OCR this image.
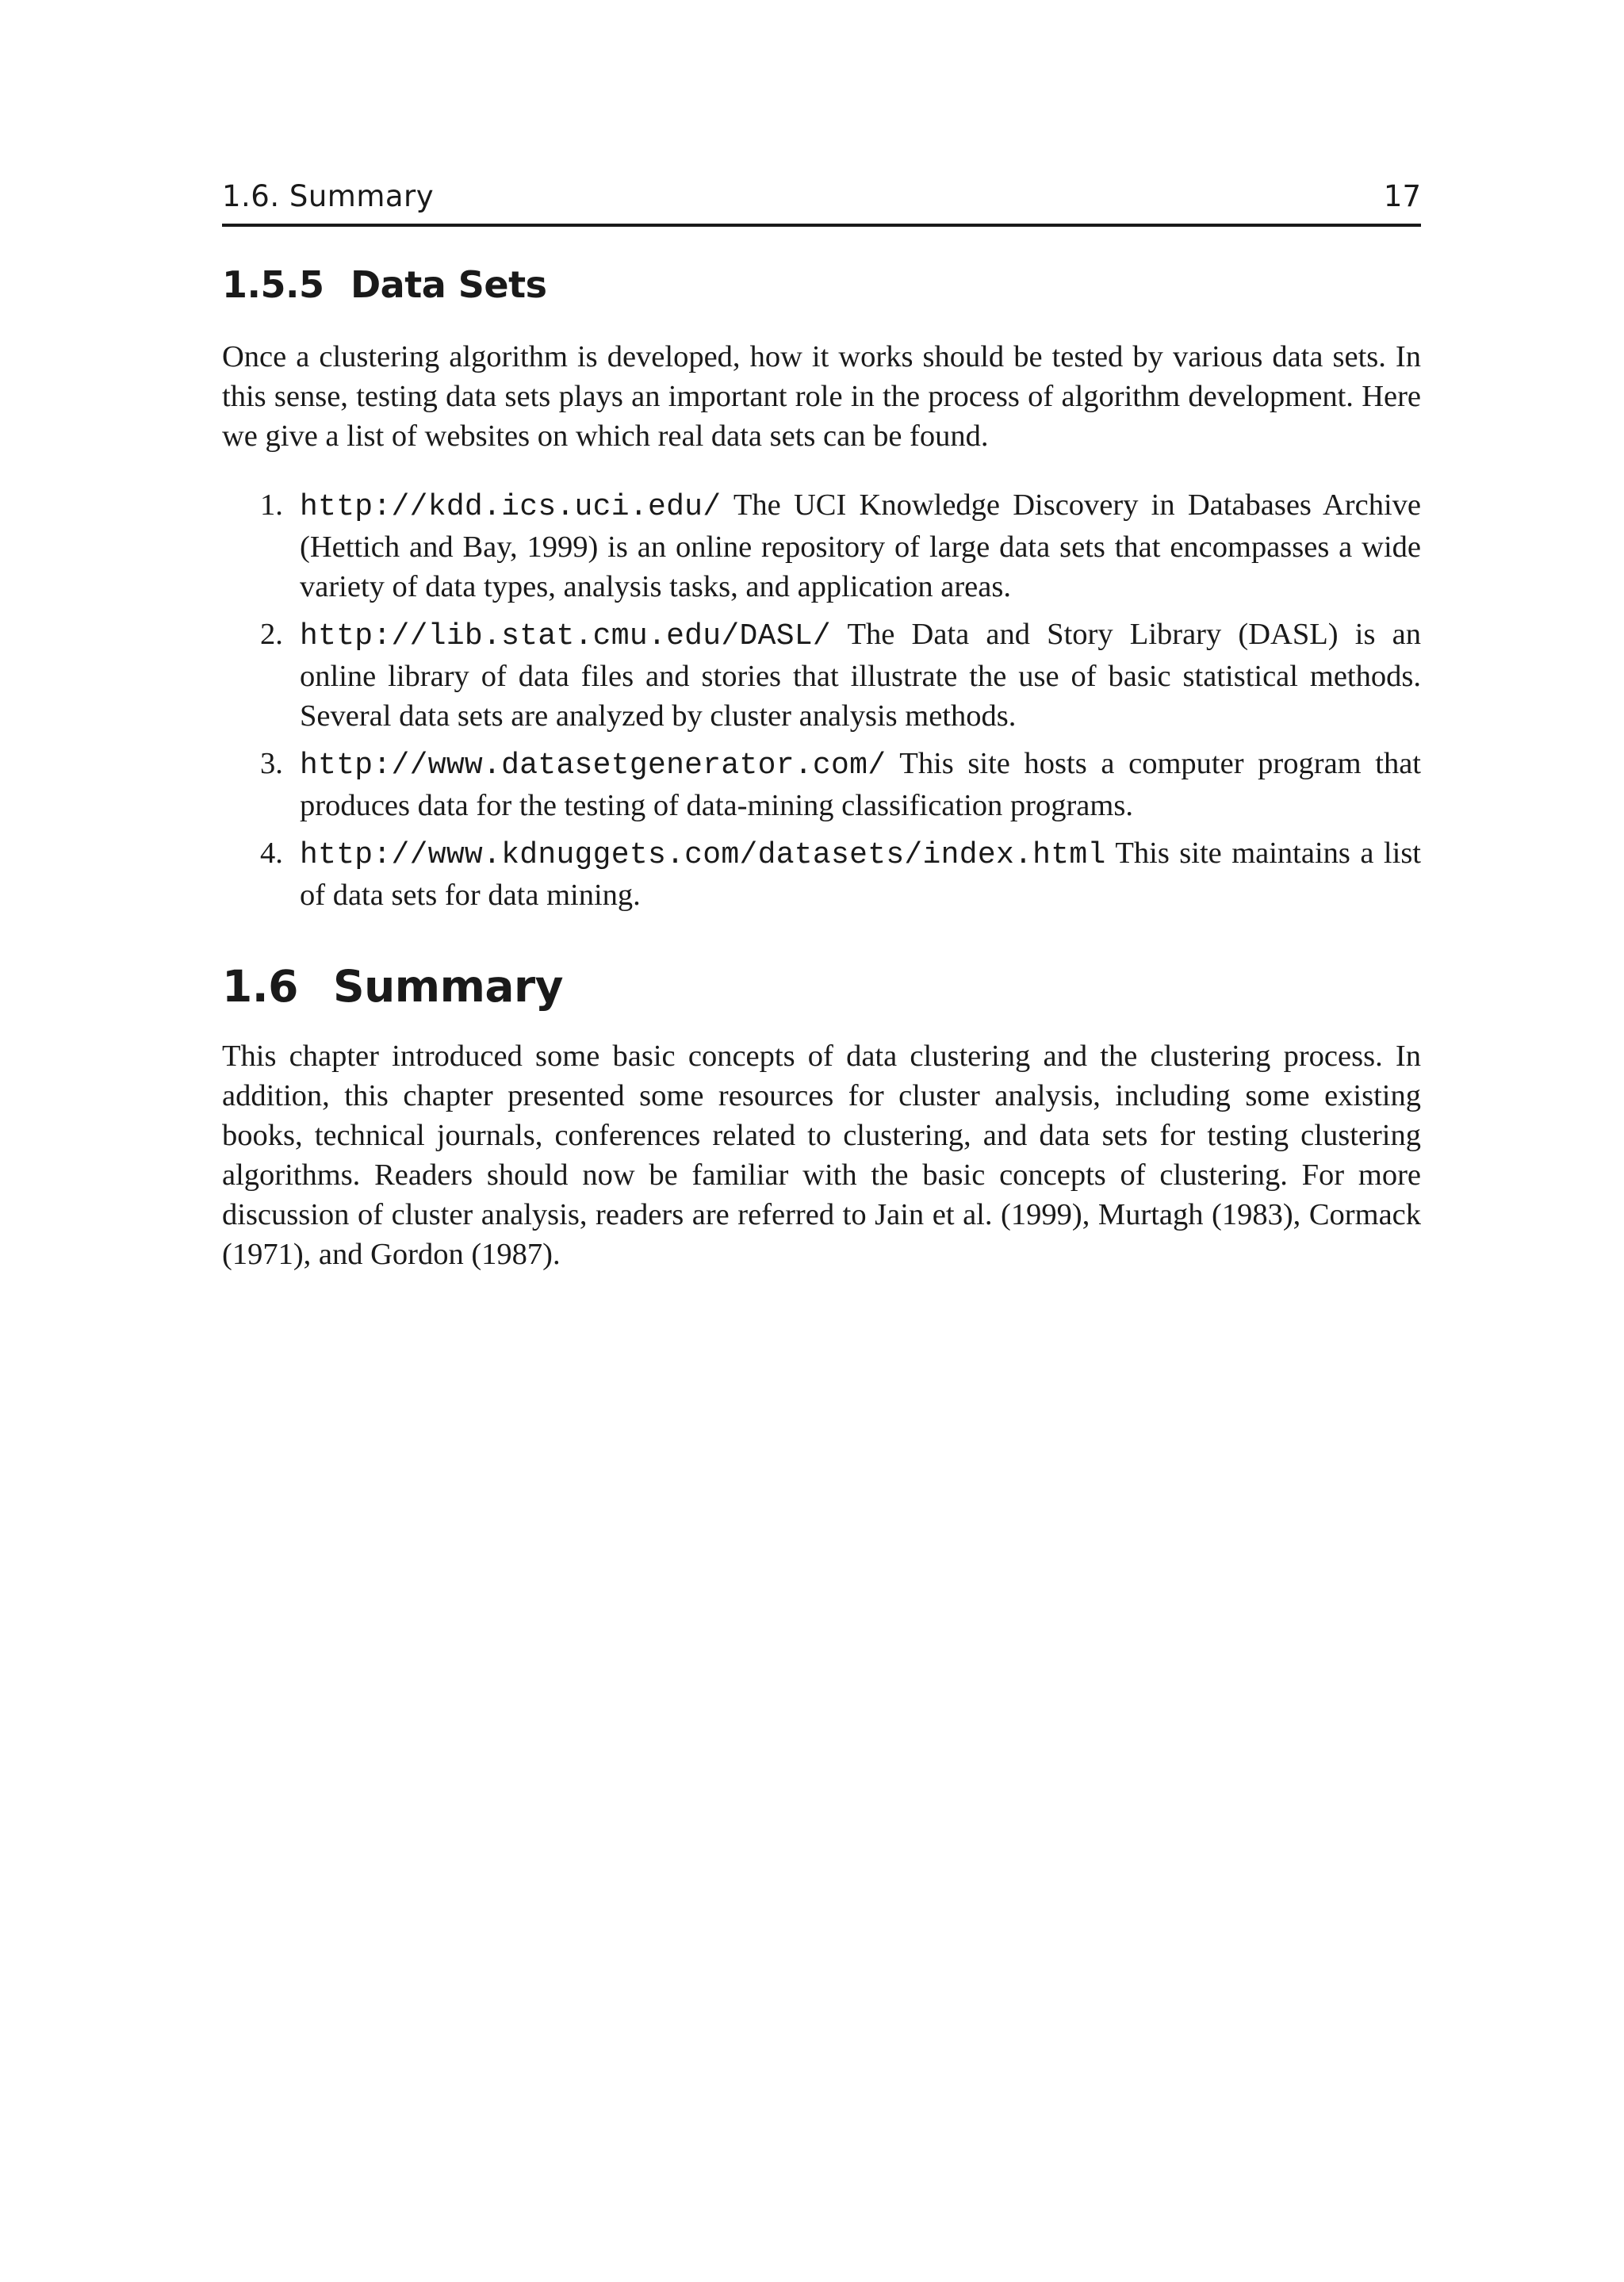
1.6. Summary	17
1.5.5 Data Sets

Once a clustering algorithm is developed, how it works should be tested by various data sets. In this sense, testing data sets plays an important role in the process of algorithm development. Here we give a list of websites on which real data sets can be found.

1. http://kdd.ics.uci.edu/ The UCI Knowledge Discovery in Databases Archive (Hettich and Bay, 1999) is an online repository of large data sets that encompasses a wide variety of data types, analysis tasks, and application areas.
2. http://lib.stat.cmu.edu/DASL/ The Data and Story Library (DASL) is an online library of data files and stories that illustrate the use of basic statistical methods. Several data sets are analyzed by cluster analysis methods.
3. http://www.datasetgenerator.com/ This site hosts a computer program that produces data for the testing of data-mining classification programs.
4. http://www.kdnuggets.com/datasets/index.html This site maintains a list of data sets for data mining.
1.6 Summary

This chapter introduced some basic concepts of data clustering and the clustering process. In addition, this chapter presented some resources for cluster analysis, including some existing books, technical journals, conferences related to clustering, and data sets for testing clustering algorithms. Readers should now be familiar with the basic concepts of clustering. For more discussion of cluster analysis, readers are referred to Jain et al. (1999), Murtagh (1983), Cormack (1971), and Gordon (1987).
